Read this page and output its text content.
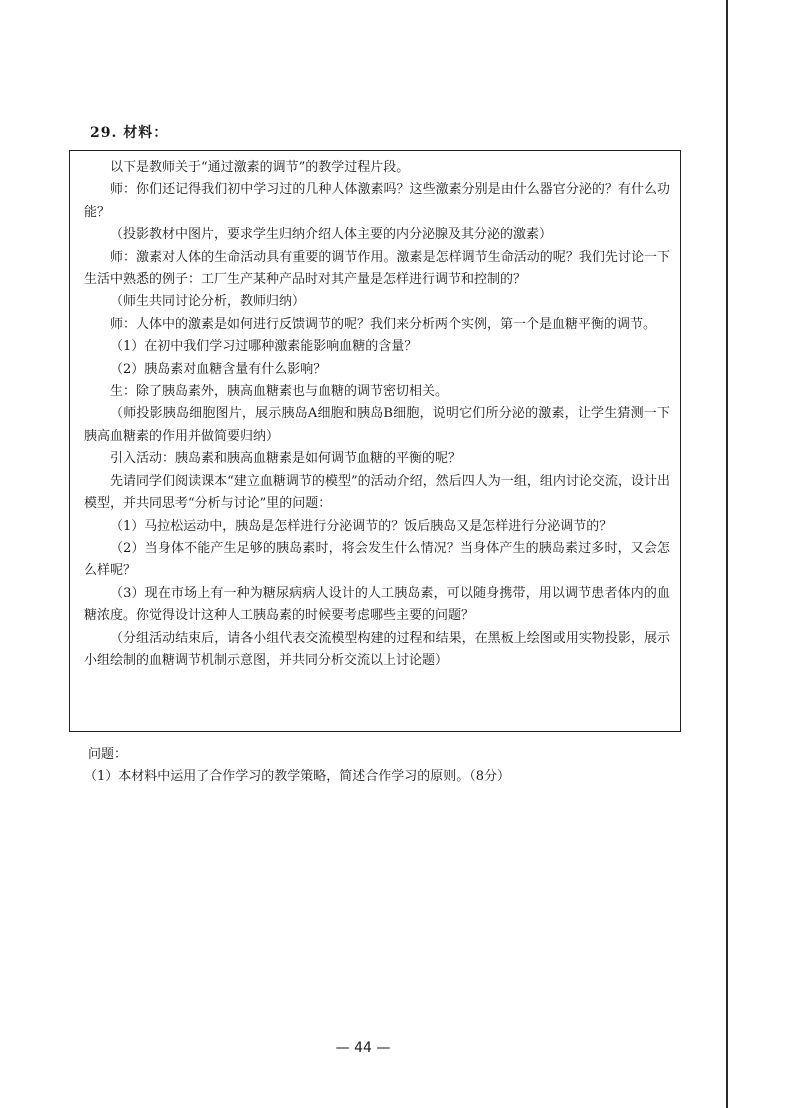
29. 材料：

以下是教师关于“通过激素的调节”的教学过程片段。

师：你们还记得我们初中学习过的几种人体激素吗？这些激素分别是由什么器官分泌的？有什么功能？

（投影教材中图片，要求学生归纳介绍人体主要的内分泌腺及其分泌的激素）

师：激素对人体的生命活动具有重要的调节作用。激素是怎样调节生命活动的呢？我们先讨论一下生活中熟悉的例子：工厂生产某种产品时对其产量是怎样进行调节和控制的？

（师生共同讨论分析，教师归纳）

师：人体中的激素是如何进行反馈调节的呢？我们来分析两个实例，第一个是血糖平衡的调节。

（1）在初中我们学习过哪种激素能影响血糖的含量？

（2）胰岛素对血糖含量有什么影响？

生：除了胰岛素外，胰高血糖素也与血糖的调节密切相关。

（师投影胰岛细胞图片，展示胰岛A细胞和胰岛B细胞，说明它们所分泌的激素，让学生猜测一下胰高血糖素的作用并做简要归纳）

引入活动：胰岛素和胰高血糖素是如何调节血糖的平衡的呢？

先请同学们阅读课本“建立血糖调节的模型”的活动介绍，然后四人为一组，组内讨论交流，设计出模型，并共同思考“分析与讨论”里的问题：

（1）马拉松运动中，胰岛是怎样进行分泌调节的？饭后胰岛又是怎样进行分泌调节的？

（2）当身体不能产生足够的胰岛素时，将会发生什么情况？当身体产生的胰岛素过多时，又会怎么样呢？

（3）现在市场上有一种为糖尿病病人设计的人工胰岛素，可以随身携带，用以调节患者体内的血糖浓度。你觉得设计这种人工胰岛素的时候要考虑哪些主要的问题？

（分组活动结束后，请各小组代表交流模型构建的过程和结果，在黑板上绘图或用实物投影，展示小组绘制的血糖调节机制示意图，并共同分析交流以上讨论题）

问题：

（1）本材料中运用了合作学习的教学策略，简述合作学习的原则。（8分）

— 44 —
